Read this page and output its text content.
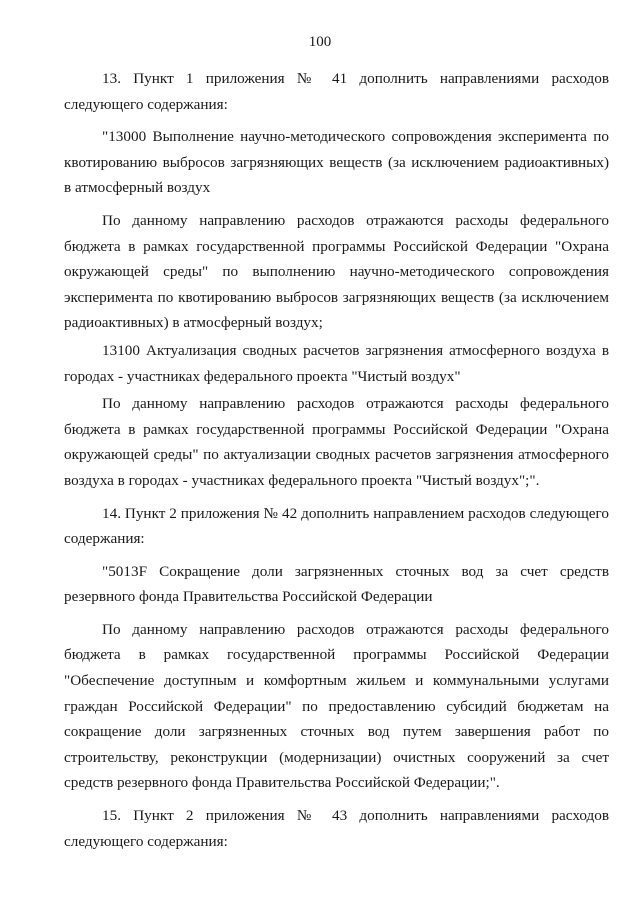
100

13. Пункт 1 приложения № 41 дополнить направлениями расходов следующего содержания:

"13000 Выполнение научно-методического сопровождения эксперимента по квотированию выбросов загрязняющих веществ (за исключением радиоактивных) в атмосферный воздух

По данному направлению расходов отражаются расходы федерального бюджета в рамках государственной программы Российской Федерации "Охрана окружающей среды" по выполнению научно-методического сопровождения эксперимента по квотированию выбросов загрязняющих веществ (за исключением радиоактивных) в атмосферный воздух;

13100 Актуализация сводных расчетов загрязнения атмосферного воздуха в городах - участниках федерального проекта "Чистый воздух"

По данному направлению расходов отражаются расходы федерального бюджета в рамках государственной программы Российской Федерации "Охрана окружающей среды" по актуализации сводных расчетов загрязнения атмосферного воздуха в городах - участниках федерального проекта "Чистый воздух";".

14. Пункт 2 приложения № 42 дополнить направлением расходов следующего содержания:

"5013F Сокращение доли загрязненных сточных вод за счет средств резервного фонда Правительства Российской Федерации

По данному направлению расходов отражаются расходы федерального бюджета в рамках государственной программы Российской Федерации "Обеспечение доступным и комфортным жильем и коммунальными услугами граждан Российской Федерации" по предоставлению субсидий бюджетам на сокращение доли загрязненных сточных вод путем завершения работ по строительству, реконструкции (модернизации) очистных сооружений за счет средств резервного фонда Правительства Российской Федерации;".

15. Пункт 2 приложения № 43 дополнить направлениями расходов следующего содержания:
